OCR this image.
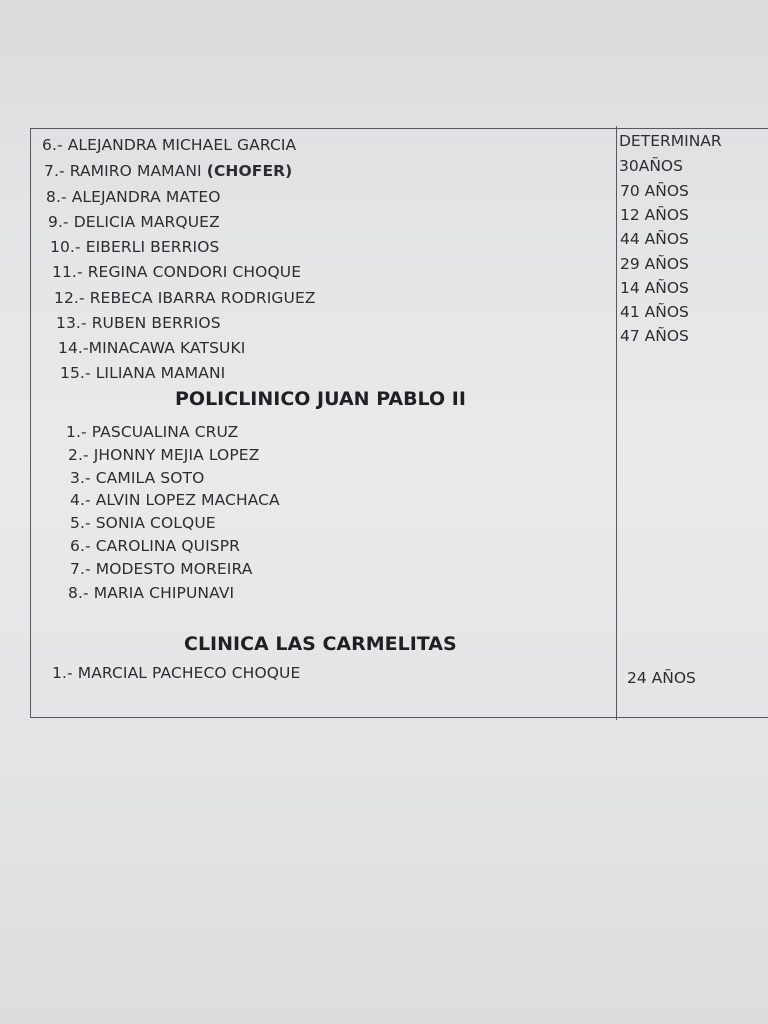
6.- ALEJANDRA MICHAEL GARCIA
7.- RAMIRO MAMANI (CHOFER)
8.- ALEJANDRA MATEO
9.- DELICIA MARQUEZ
10.- EIBERLI BERRIOS
11.- REGINA CONDORI CHOQUE
12.- REBECA IBARRA RODRIGUEZ
13.- RUBEN BERRIOS
14.-MINACAWA KATSUKI
15.- LILIANA MAMANI
DETERMINAR
30AÑOS
70 AÑOS
12 AÑOS
44 AÑOS
29 AÑOS
14 AÑOS
41 AÑOS
47 AÑOS
POLICLINICO JUAN PABLO II
1.- PASCUALINA CRUZ
2.- JHONNY MEJIA LOPEZ
3.- CAMILA SOTO
4.- ALVIN LOPEZ MACHACA
5.- SONIA COLQUE
6.- CAROLINA QUISPR
7.- MODESTO MOREIRA
8.- MARIA CHIPUNAVI
CLINICA LAS CARMELITAS
1.- MARCIAL PACHECO CHOQUE	24 AÑOS
